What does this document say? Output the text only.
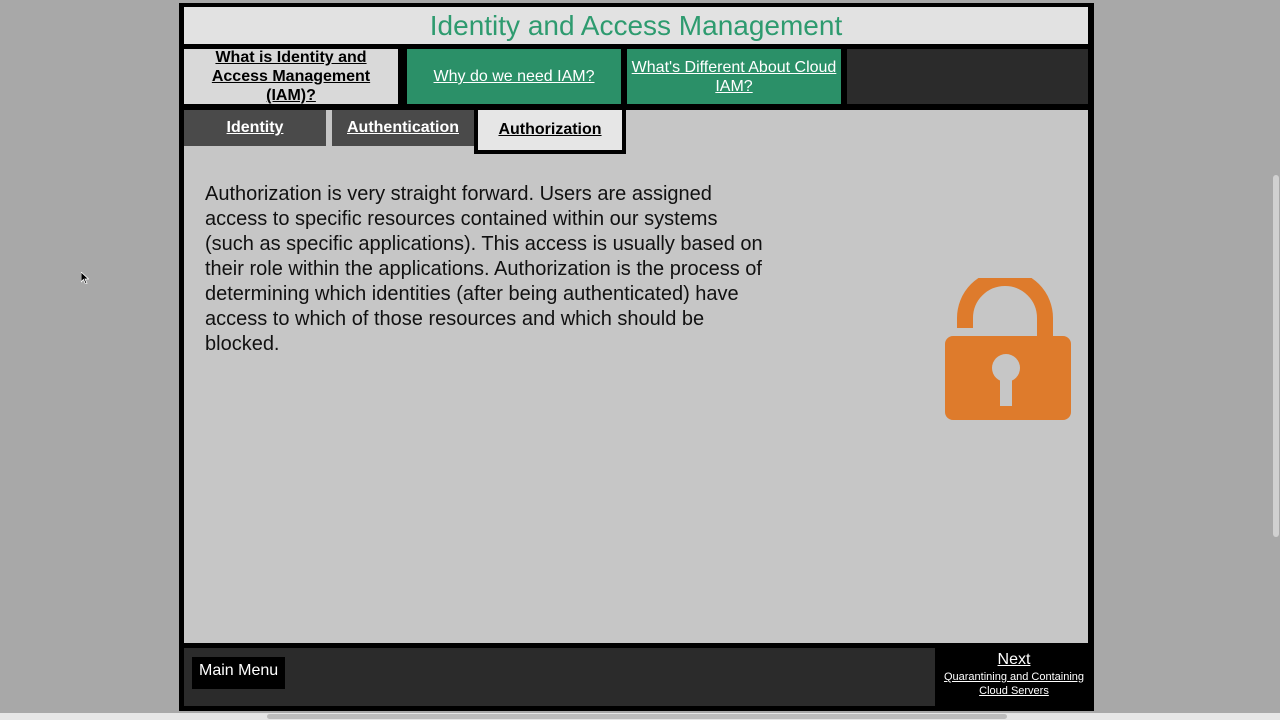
Identity and Access Management
What is Identity and Access Management (IAM)?
Why do we need IAM?
What's Different About Cloud IAM?
Identity	Authentication	Authorization
Authorization is very straight forward. Users are assigned access to specific resources contained within our systems (such as specific applications). This access is usually based on their role within the applications. Authorization is the process of determining which identities (after being authenticated) have access to which of those resources and which should be blocked.
Main Menu
Next
Quarantining and Containing Cloud Servers
